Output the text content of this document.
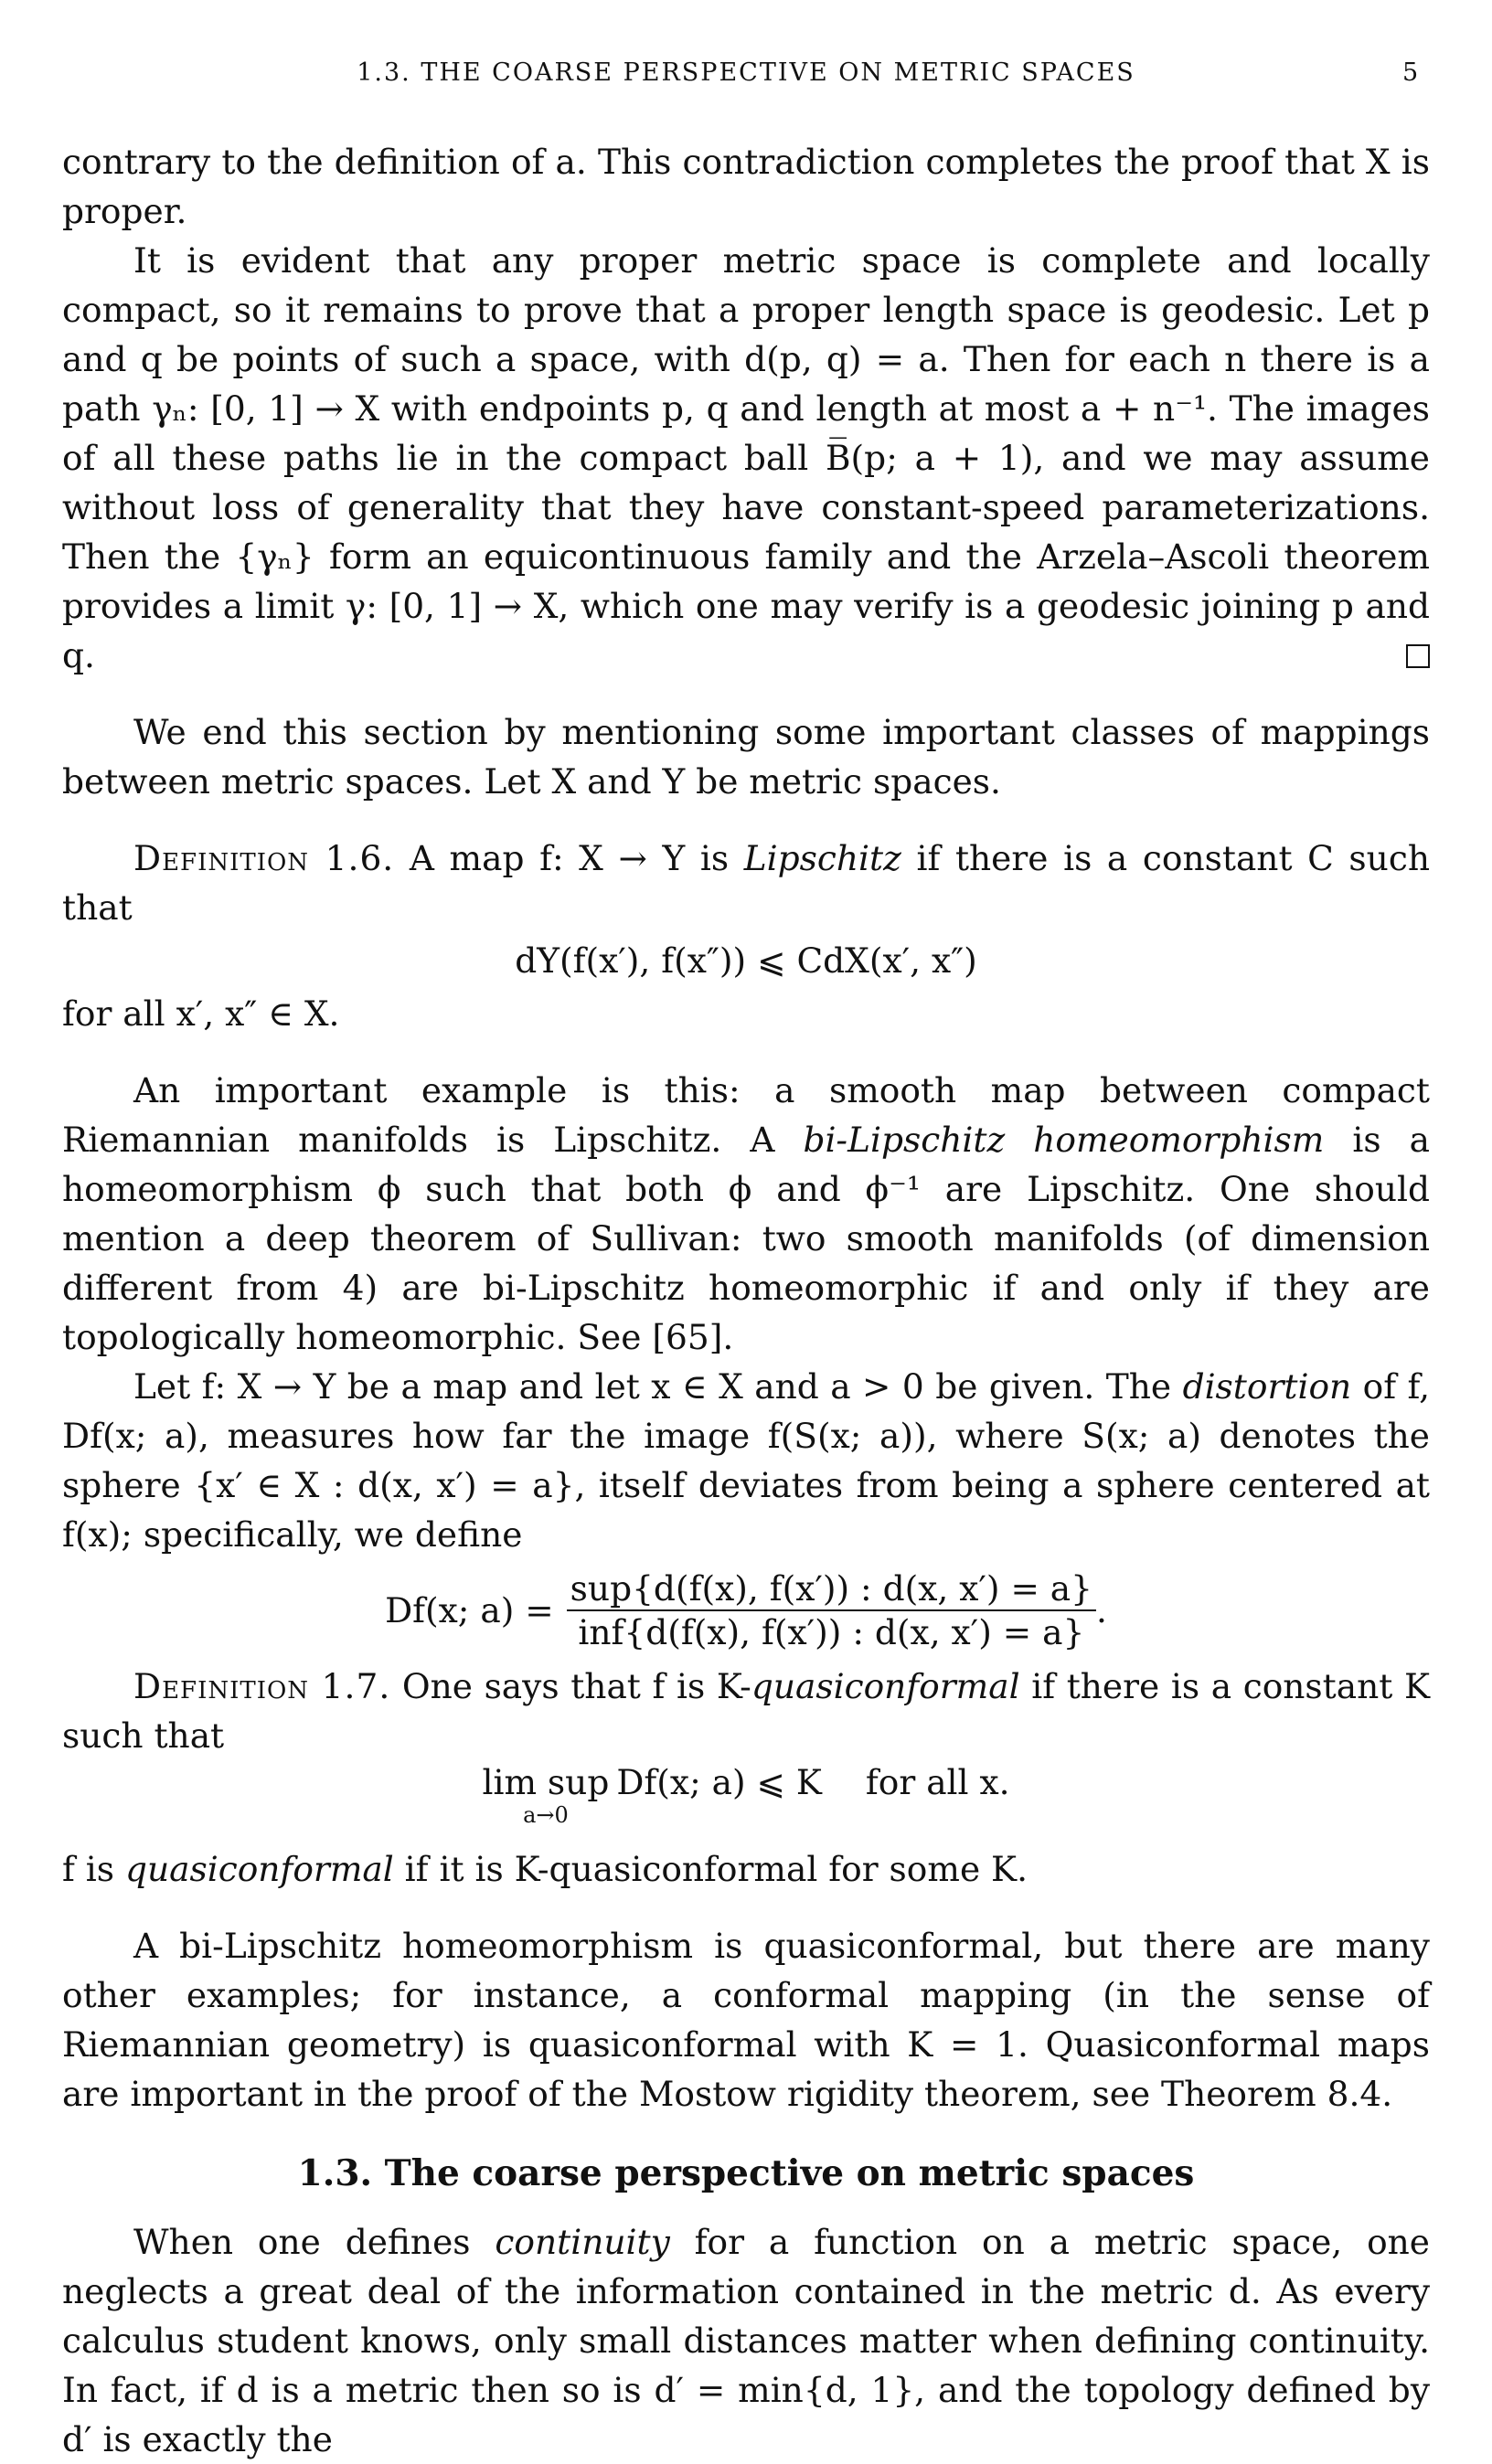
1.3. THE COARSE PERSPECTIVE ON METRIC SPACES	5

contrary to the definition of a. This contradiction completes the proof that X is proper.

It is evident that any proper metric space is complete and locally compact, so it remains to prove that a proper length space is geodesic. Let p and q be points of such a space, with d(p, q) = a. Then for each n there is a path γₙ: [0, 1] → X with endpoints p, q and length at most a + n⁻¹. The images of all these paths lie in the compact ball B̅(p; a + 1), and we may assume without loss of generality that they have constant-speed parameterizations. Then the {γₙ} form an equicontinuous family and the Arzela–Ascoli theorem provides a limit γ: [0, 1] → X, which one may verify is a geodesic joining p and q.

We end this section by mentioning some important classes of mappings between metric spaces. Let X and Y be metric spaces.

Definition 1.6. A map f: X → Y is Lipschitz if there is a constant C such that

dY(f(x′), f(x″)) ⩽ CdX(x′, x″)

for all x′, x″ ∈ X.

An important example is this: a smooth map between compact Riemannian manifolds is Lipschitz. A bi-Lipschitz homeomorphism is a homeomorphism ϕ such that both ϕ and ϕ⁻¹ are Lipschitz. One should mention a deep theorem of Sullivan: two smooth manifolds (of dimension different from 4) are bi-Lipschitz homeomorphic if and only if they are topologically homeomorphic. See [65].

Let f: X → Y be a map and let x ∈ X and a > 0 be given. The distortion of f, Df(x; a), measures how far the image f(S(x; a)), where S(x; a) denotes the sphere {x′ ∈ X : d(x, x′) = a}, itself deviates from being a sphere centered at f(x); specifically, we define

Df(x; $a) = \frac{\text{sup\{d(f(x), f(x′)) : d(x, x′) = a\}}}{\text{inf\{d(f(x), f(x′)) : d(x, x′) = a\}}}$ .

Definition 1.7. One says that f is K-quasiconformal if there is a constant K such that

lim sup
a→0
Df(x; a) ⩽ K for all x.

f is quasiconformal if it is K-quasiconformal for some K.

A bi-Lipschitz homeomorphism is quasiconformal, but there are many other examples; for instance, a conformal mapping (in the sense of Riemannian geometry) is quasiconformal with K = 1. Quasiconformal maps are important in the proof of the Mostow rigidity theorem, see Theorem 8.4.

1.3. The coarse perspective on metric spaces

When one defines continuity for a function on a metric space, one neglects a great deal of the information contained in the metric d. As every calculus student knows, only small distances matter when defining continuity. In fact, if d is a metric then so is d′ = min{d, 1}, and the topology defined by d′ is exactly the
